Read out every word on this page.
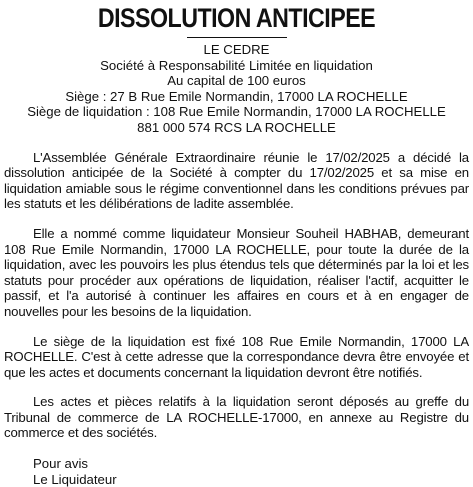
DISSOLUTION ANTICIPEE
LE CEDRE
Société à Responsabilité Limitée en liquidation
Au capital de 100 euros
Siège : 27 B Rue Emile Normandin, 17000 LA ROCHELLE
Siège de liquidation : 108 Rue Emile Normandin, 17000 LA ROCHELLE
881 000 574 RCS LA ROCHELLE

L'Assemblée Générale Extraordinaire réunie le 17/02/2025 a décidé la dissolution anticipée de la Société à compter du 17/02/2025 et sa mise en liquidation amiable sous le régime conventionnel dans les conditions prévues par les statuts et les délibérations de ladite assemblée.

Elle a nommé comme liquidateur Monsieur Souheil HABHAB, demeurant 108 Rue Emile Normandin, 17000 LA ROCHELLE, pour toute la durée de la liquidation, avec les pouvoirs les plus étendus tels que déterminés par la loi et les statuts pour procéder aux opérations de liquidation, réaliser l'actif, acquitter le passif, et l'a autorisé à continuer les affaires en cours et à en engager de nouvelles pour les besoins de la liquidation.

Le siège de la liquidation est fixé 108 Rue Emile Normandin, 17000 LA ROCHELLE. C'est à cette adresse que la correspondance devra être envoyée et que les actes et documents concernant la liquidation devront être notifiés.

Les actes et pièces relatifs à la liquidation seront déposés au greffe du Tribunal de commerce de LA ROCHELLE-17000, en annexe au Registre du commerce et des sociétés.

Pour avis
Le Liquidateur
